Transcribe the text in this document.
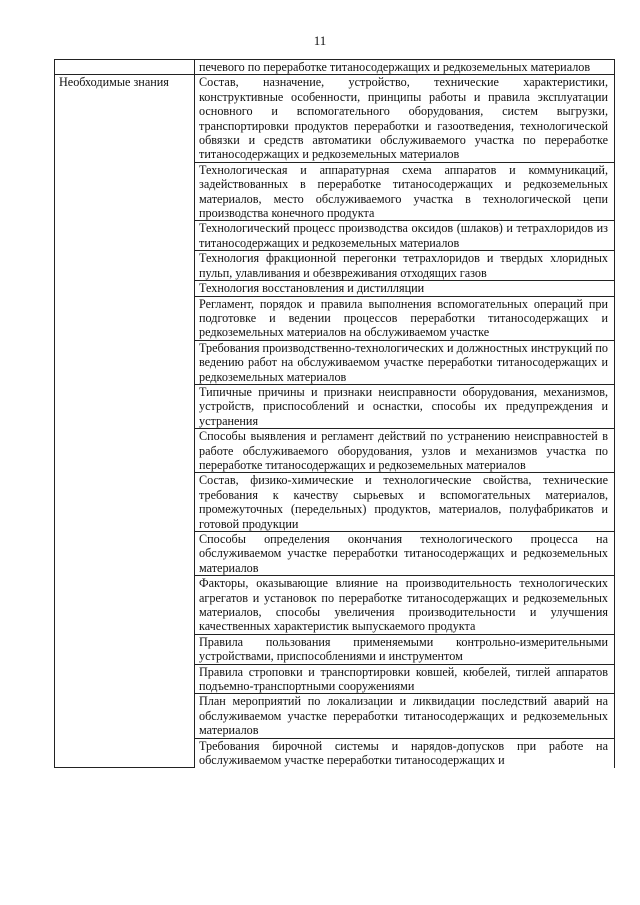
11
	печевого по переработке титаносодержащих и редкоземельных материалов
Необходимые знания	Состав, назначение, устройство, технические характеристики, конструктивные особенности, принципы работы и правила эксплуатации основного и вспомогательного оборудования, систем выгрузки, транспортировки продуктов переработки и газоотведения, технологической обвязки и средств автоматики обслуживаемого участка по переработке титаносодержащих и редкоземельных материалов
	Технологическая и аппаратурная схема аппаратов и коммуникаций, задействованных в переработке титаносодержащих и редкоземельных материалов, место обслуживаемого участка в технологической цепи производства конечного продукта
	Технологический процесс производства оксидов (шлаков) и тетрахлоридов из титаносодержащих и редкоземельных материалов
	Технология фракционной перегонки тетрахлоридов и твердых хлоридных пульп, улавливания и обезвреживания отходящих газов
	Технология восстановления и дистилляции
	Регламент, порядок и правила выполнения вспомогательных операций при подготовке и ведении процессов переработки титаносодержащих и редкоземельных материалов на обслуживаемом участке
	Требования производственно-технологических и должностных инструкций по ведению работ на обслуживаемом участке переработки титаносодержащих и редкоземельных материалов
	Типичные причины и признаки неисправности оборудования, механизмов, устройств, приспособлений и оснастки, способы их предупреждения и устранения
	Способы выявления и регламент действий по устранению неисправностей в работе обслуживаемого оборудования, узлов и механизмов участка по переработке титаносодержащих и редкоземельных материалов
	Состав, физико-химические и технологические свойства, технические требования к качеству сырьевых и вспомогательных материалов, промежуточных (передельных) продуктов, материалов, полуфабрикатов и готовой продукции
	Способы определения окончания технологического процесса на обслуживаемом участке переработки титаносодержащих и редкоземельных материалов
	Факторы, оказывающие влияние на производительность технологических агрегатов и установок по переработке титаносодержащих и редкоземельных материалов, способы увеличения производительности и улучшения качественных характеристик выпускаемого продукта
	Правила пользования применяемыми контрольно-измерительными устройствами, приспособлениями и инструментом
	Правила строповки и транспортировки ковшей, кюбелей, тиглей аппаратов подъемно-транспортными сооружениями
	План мероприятий по локализации и ликвидации последствий аварий на обслуживаемом участке переработки титаносодержащих и редкоземельных материалов
	Требования бирочной системы и нарядов-допусков при работе на обслуживаемом участке переработки титаносодержащих и
